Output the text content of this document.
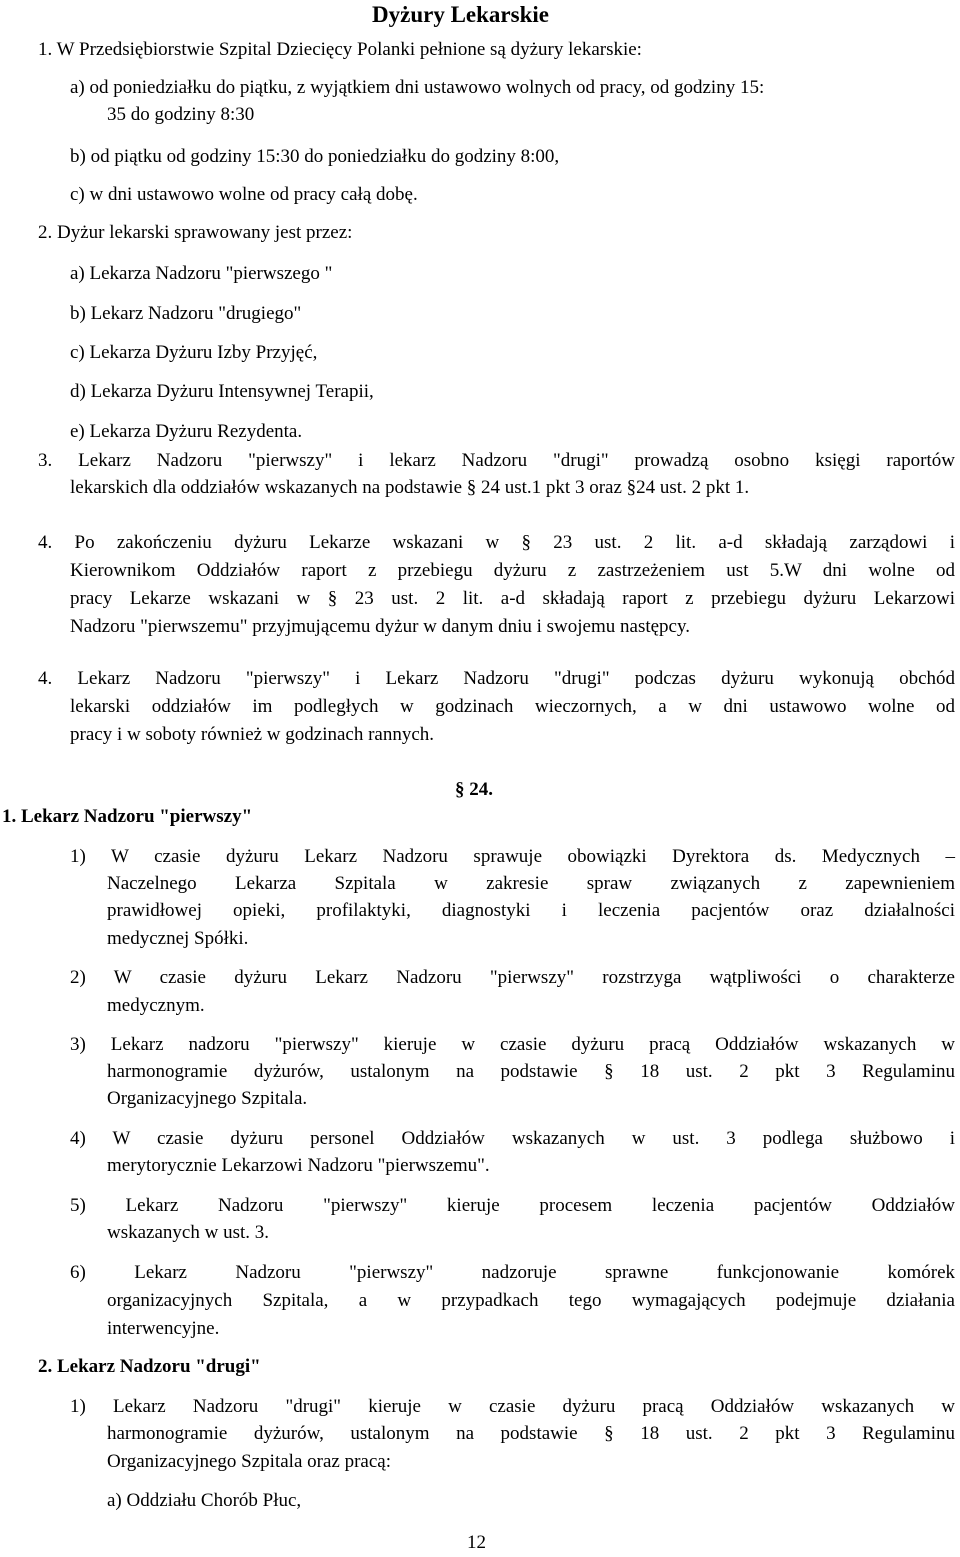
Dyżury Lekarskie
1. W Przedsiębiorstwie Szpital Dziecięcy Polanki pełnione są dyżury lekarskie:
a) od poniedziałku do piątku, z wyjątkiem dni ustawowo wolnych od pracy, od godziny 15:
35 do godziny 8:30
b) od piątku od godziny 15:30 do poniedziałku do godziny 8:00,
c) w dni ustawowo wolne od pracy całą dobę.
2. Dyżur lekarski sprawowany jest przez:
a) Lekarza Nadzoru "pierwszego "
b) Lekarz Nadzoru "drugiego"
c) Lekarza Dyżuru Izby Przyjęć,
d) Lekarza Dyżuru Intensywnej Terapii,
e) Lekarza Dyżuru Rezydenta.
3. Lekarz Nadzoru "pierwszy" i lekarz Nadzoru "drugi" prowadzą osobno księgi raportów
lekarskich dla oddziałów wskazanych na podstawie § 24 ust.1 pkt 3 oraz §24 ust. 2 pkt 1.
4. Po zakończeniu dyżuru Lekarze wskazani w § 23 ust. 2 lit. a-d składają zarządowi i
Kierownikom Oddziałów raport z przebiegu dyżuru z zastrzeżeniem ust 5.W dni wolne od
pracy Lekarze wskazani w § 23 ust. 2 lit. a-d składają raport z przebiegu dyżuru Lekarzowi
Nadzoru "pierwszemu" przyjmującemu dyżur w danym dniu i swojemu następcy.
4. Lekarz Nadzoru "pierwszy" i Lekarz Nadzoru "drugi" podczas dyżuru wykonują obchód
lekarski oddziałów im podległych w godzinach wieczornych, a w dni ustawowo wolne od
pracy i w soboty również w godzinach rannych.
§ 24.
1. Lekarz Nadzoru "pierwszy"
1) W czasie dyżuru Lekarz Nadzoru sprawuje obowiązki Dyrektora ds. Medycznych –
Naczelnego Lekarza Szpitala w zakresie spraw związanych z zapewnieniem
prawidłowej opieki, profilaktyki, diagnostyki i leczenia pacjentów oraz działalności
medycznej Spółki.
2) W czasie dyżuru Lekarz Nadzoru "pierwszy" rozstrzyga wątpliwości o charakterze
medycznym.
3) Lekarz nadzoru "pierwszy" kieruje w czasie dyżuru pracą Oddziałów wskazanych w
harmonogramie dyżurów, ustalonym na podstawie § 18 ust. 2 pkt 3 Regulaminu
Organizacyjnego Szpitala.
4) W czasie dyżuru personel Oddziałów wskazanych w ust. 3 podlega służbowo i
merytorycznie Lekarzowi Nadzoru "pierwszemu".
5) Lekarz Nadzoru "pierwszy" kieruje procesem leczenia pacjentów Oddziałów
wskazanych w ust. 3.
6) Lekarz Nadzoru "pierwszy" nadzoruje sprawne funkcjonowanie komórek
organizacyjnych Szpitala, a w przypadkach tego wymagających podejmuje działania
interwencyjne.
2. Lekarz Nadzoru "drugi"
1) Lekarz Nadzoru "drugi" kieruje w czasie dyżuru pracą Oddziałów wskazanych w
harmonogramie dyżurów, ustalonym na podstawie § 18 ust. 2 pkt 3 Regulaminu
Organizacyjnego Szpitala oraz pracą:
a) Oddziału Chorób Płuc,
12
